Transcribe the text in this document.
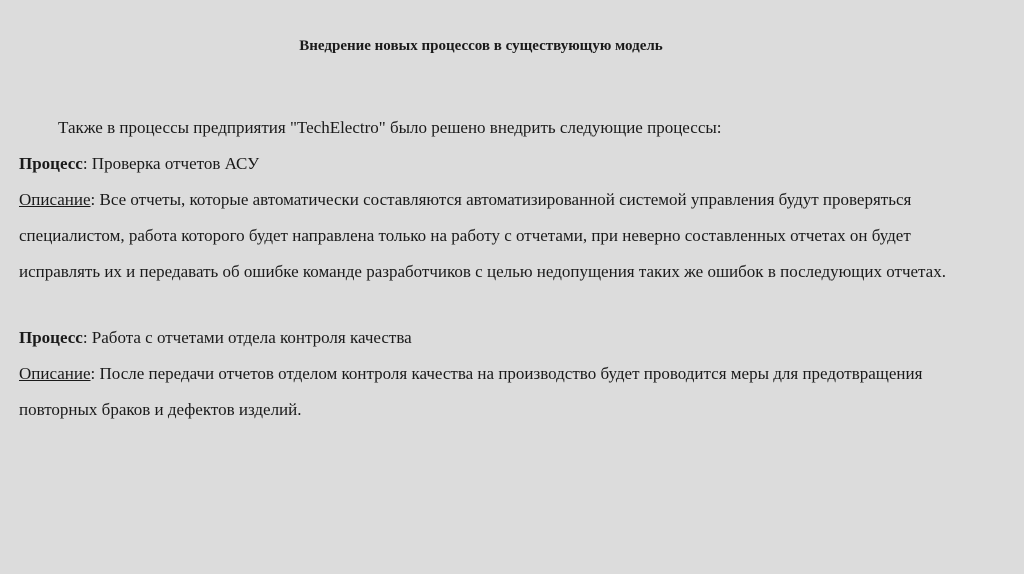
Внедрение новых процессов в существующую модель

Также в процессы предприятия "TechElectro" было решено внедрить следующие процессы:

Процесс: Проверка отчетов АСУ

Описание: Все отчеты, которые автоматически составляются автоматизированной системой управления будут проверяться специалистом, работа которого будет направлена только на работу с отчетами, при неверно составленных отчетах он будет исправлять их и передавать об ошибке команде разработчиков с целью недопущения таких же ошибок в последующих отчетах.

Процесс: Работа с отчетами отдела контроля качества

Описание: После передачи отчетов отделом контроля качества на производство будет проводится меры для предотвращения повторных браков и дефектов изделий.
